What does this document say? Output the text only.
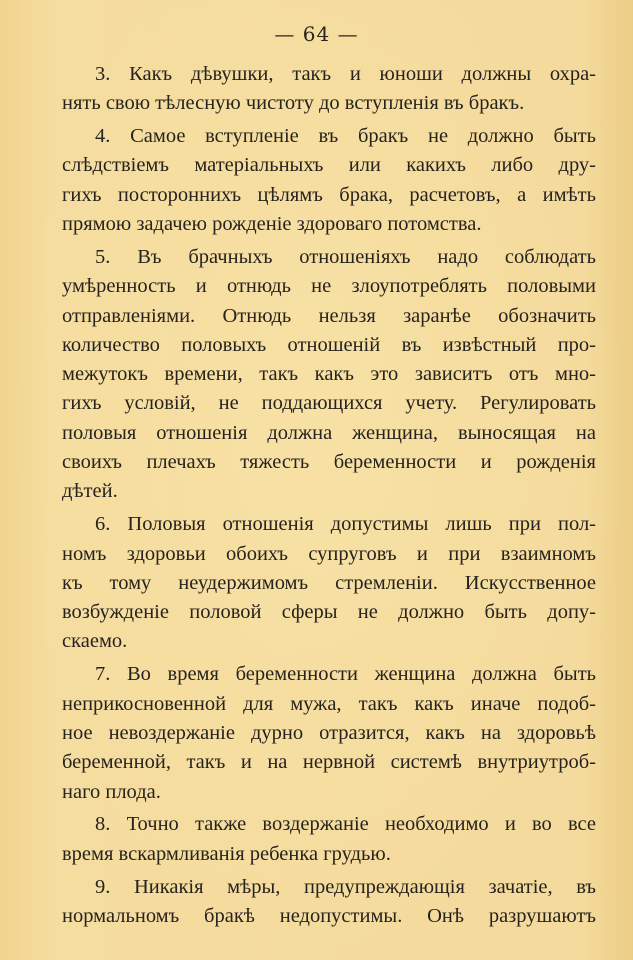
— 64 —
3. Какъ дѣвушки, такъ и юноши должны охра-
нять свою тѣлесную чистоту до вступленія въ бракъ.
4. Самое вступленіе въ бракъ не должно быть
слѣдствіемъ матеріальныхъ или какихъ либо дру-
гихъ постороннихъ цѣлямъ брака, расчетовъ, а имѣть
прямою задачею рожденіе здороваго потомства.
5. Въ брачныхъ отношеніяхъ надо соблюдать
умѣренность и отнюдь не злоупотреблять половыми
отправленіями. Отнюдь нельзя заранѣе обозначить
количество половыхъ отношеній въ извѣстный про-
межутокъ времени, такъ какъ это зависитъ отъ мно-
гихъ условій, не поддающихся учету. Регулировать
половыя отношенія должна женщина, выносящая на
своихъ плечахъ тяжесть беременности и рожденія
дѣтей.
6. Половыя отношенія допустимы лишь при пол-
номъ здоровьи обоихъ супруговъ и при взаимномъ
къ тому неудержимомъ стремленіи. Искусственное
возбужденіе половой сферы не должно быть допу-
скаемо.
7. Во время беременности женщина должна быть
неприкосновенной для мужа, такъ какъ иначе подоб-
ное невоздержаніе дурно отразится, какъ на здоровьѣ
беременной, такъ и на нервной системѣ внутриутроб-
наго плода.
8. Точно также воздержаніе необходимо и во все
время вскармливанія ребенка грудью.
9. Никакія мѣры, предупреждающія зачатіе, въ
нормальномъ бракѣ недопустимы. Онѣ разрушаютъ
